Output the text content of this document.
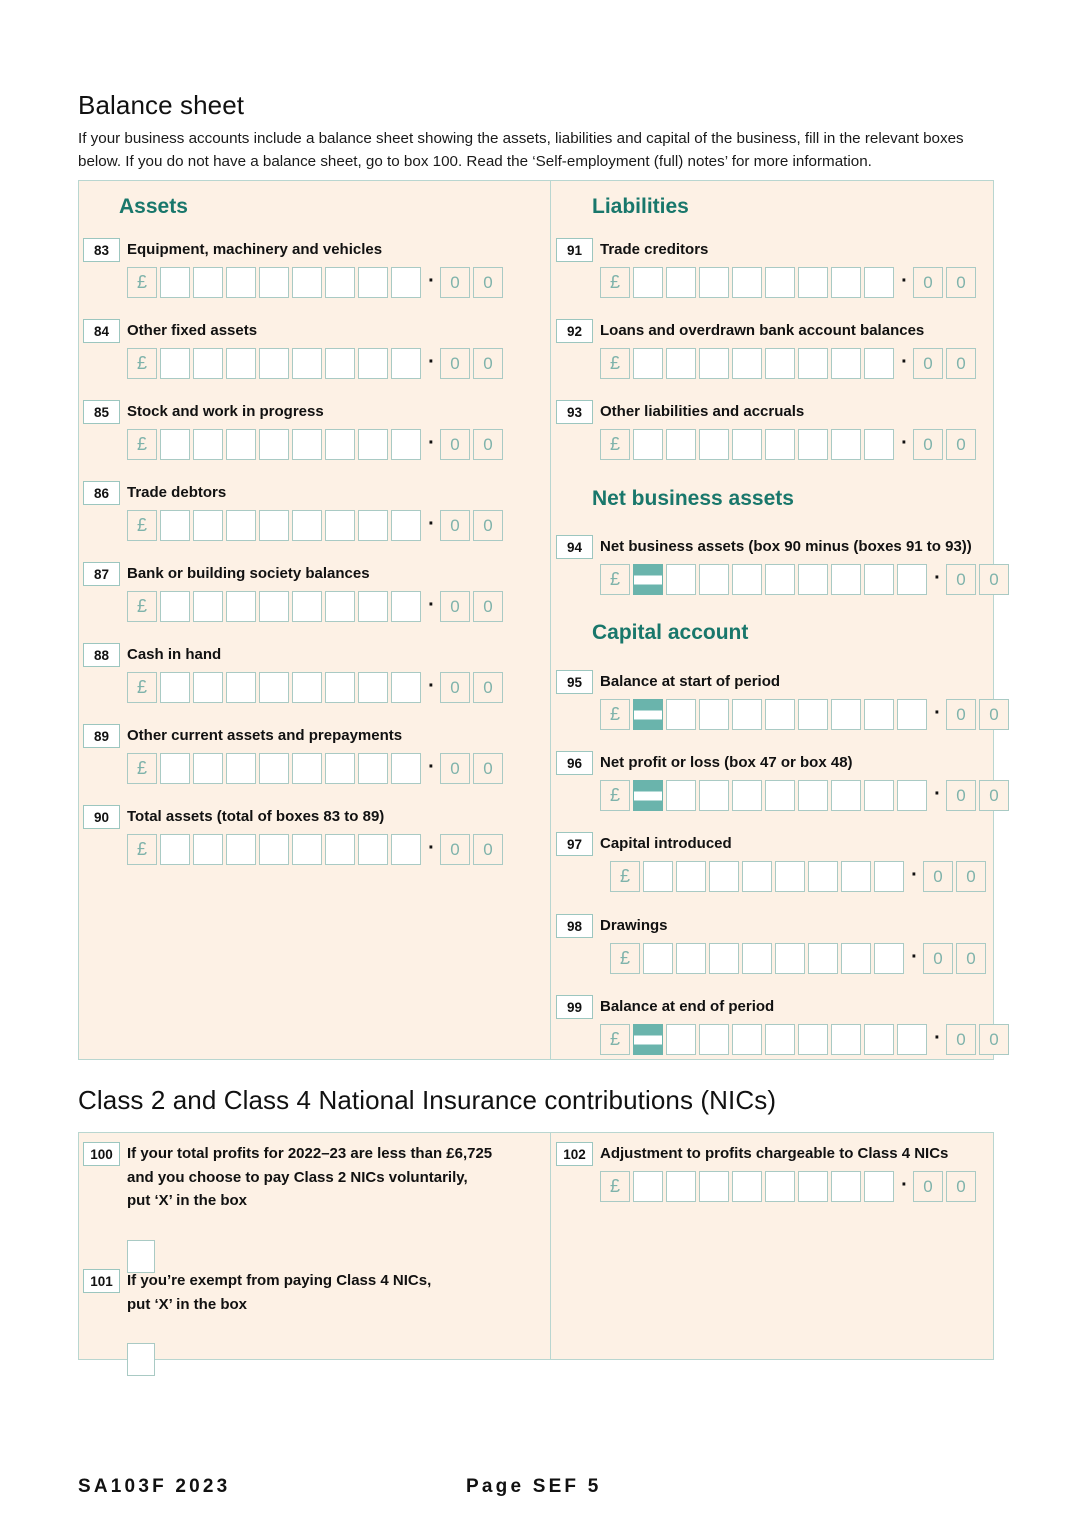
Balance sheet
If your business accounts include a balance sheet showing the assets, liabilities and capital of the business, fill in the relevant boxes below. If you do not have a balance sheet, go to box 100. Read the ‘Self-employment (full) notes’ for more information.
Assets
83	Equipment, machinery and vehicles
£	· 0	0
84	Other fixed assets
£	· 0	0
85	Stock and work in progress
£	· 0	0
86	Trade debtors
£	· 0	0
87	Bank or building society balances
£	· 0	0
88	Cash in hand
£	· 0	0
89	Other current assets and prepayments
£	· 0	0
90	Total assets (total of boxes 83 to 89)
£	· 0	0
Liabilities
91	Trade creditors
£	· 0	0
92	Loans and overdrawn bank account balances
£	· 0	0
93	Other liabilities and accruals
£	· 0	0
Net business assets
94	Net business assets (box 90 minus (boxes 91 to 93))
£	· 0	0
Capital account
95	Balance at start of period
£	· 0	0
96	Net profit or loss (box 47 or box 48)
£	· 0	0
97	Capital introduced
£	· 0	0
98	Drawings
£	· 0	0
99	Balance at end of period
£	· 0	0
Class 2 and Class 4 National Insurance contributions (NICs)
100 If your total profits for 2022–23 are less than £6,725
and you choose to pay Class 2 NICs voluntarily,
put ‘X’ in the box
101 If you’re exempt from paying Class 4 NICs,
put ‘X’ in the box
102 Adjustment to profits chargeable to Class 4 NICs
£	· 0	0
SA103F 2023	Page SEF 5
